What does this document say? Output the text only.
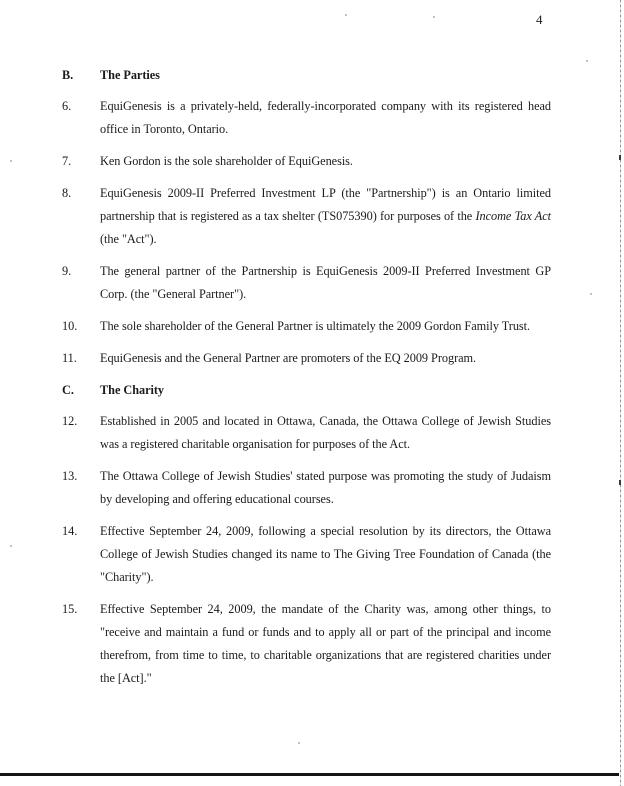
4
B.	The Parties
6.	EquiGenesis is a privately-held, federally-incorporated company with its registered head office in Toronto, Ontario.
7.	Ken Gordon is the sole shareholder of EquiGenesis.
8.	EquiGenesis 2009-II Preferred Investment LP (the "Partnership") is an Ontario limited partnership that is registered as a tax shelter (TS075390) for purposes of the Income Tax Act (the "Act").
9.	The general partner of the Partnership is EquiGenesis 2009-II Preferred Investment GP Corp. (the "General Partner").
10.	The sole shareholder of the General Partner is ultimately the 2009 Gordon Family Trust.
11.	EquiGenesis and the General Partner are promoters of the EQ 2009 Program.
C.	The Charity
12.	Established in 2005 and located in Ottawa, Canada, the Ottawa College of Jewish Studies was a registered charitable organisation for purposes of the Act.
13.	The Ottawa College of Jewish Studies' stated purpose was promoting the study of Judaism by developing and offering educational courses.
14.	Effective September 24, 2009, following a special resolution by its directors, the Ottawa College of Jewish Studies changed its name to The Giving Tree Foundation of Canada (the "Charity").
15.	Effective September 24, 2009, the mandate of the Charity was, among other things, to "receive and maintain a fund or funds and to apply all or part of the principal and income therefrom, from time to time, to charitable organizations that are registered charities under the [Act]."
